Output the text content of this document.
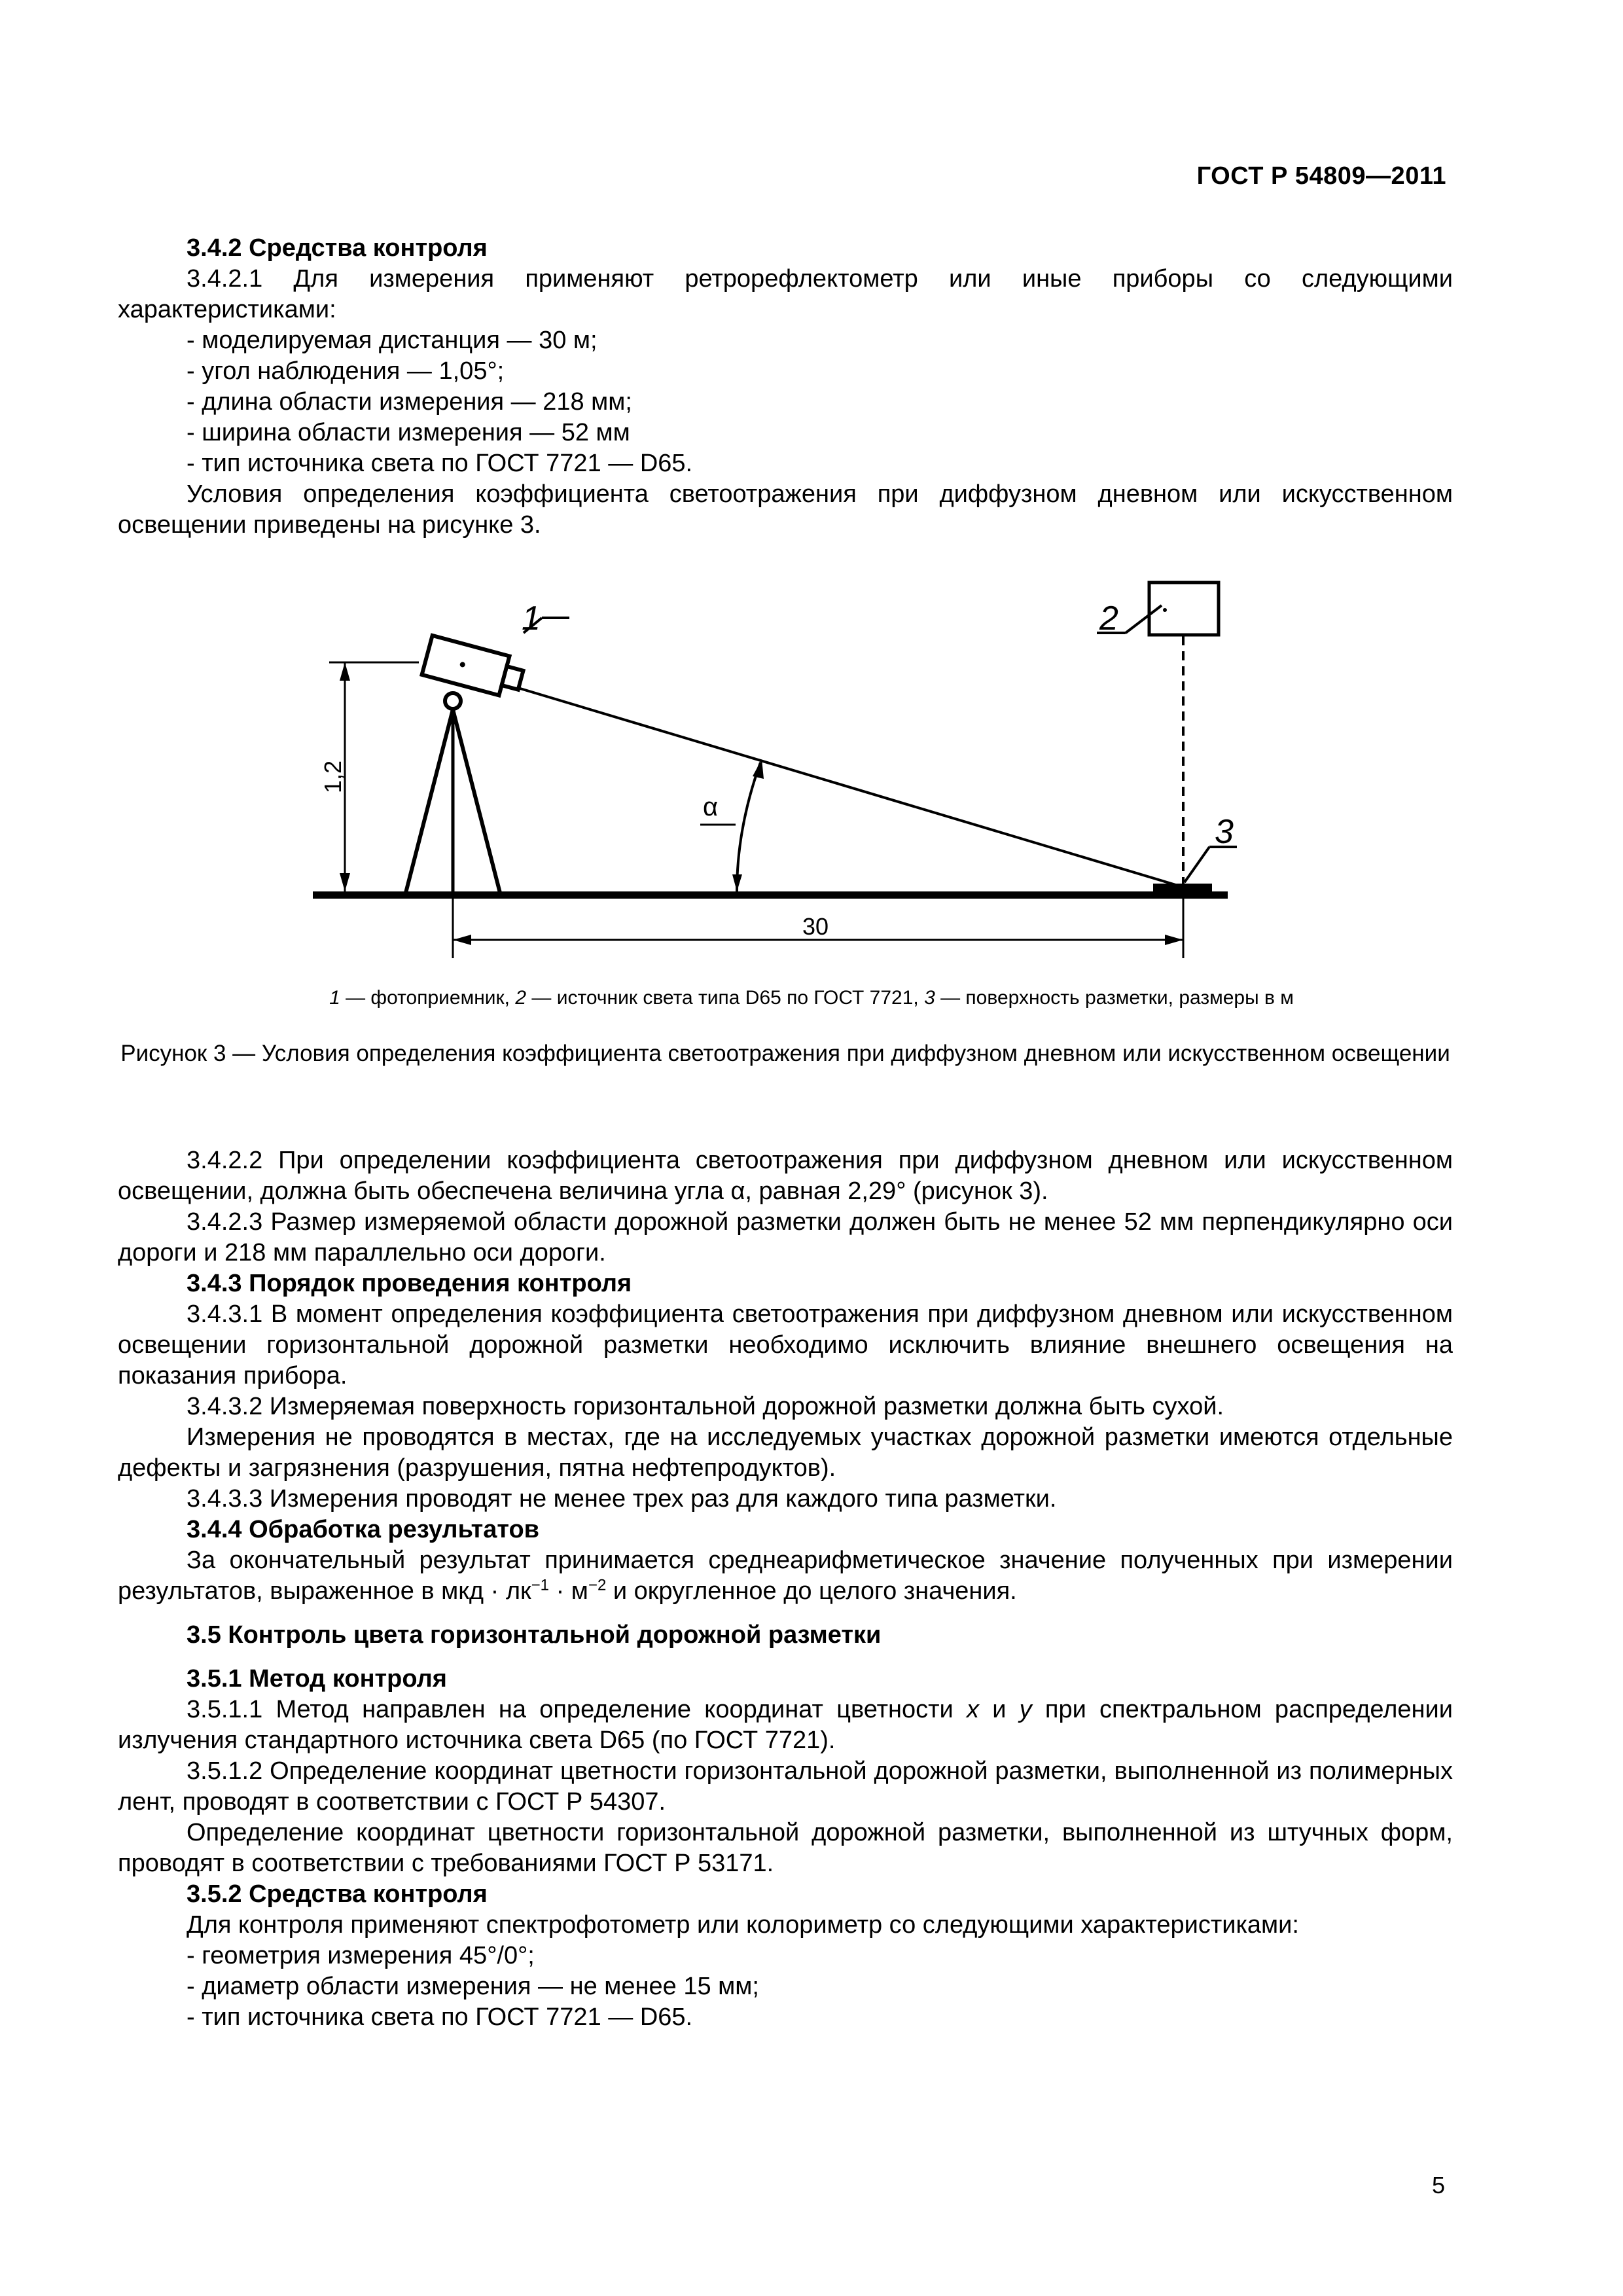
ГОСТ Р 54809—2011

3.4.2 Средства контроля

3.4.2.1 Для измерения применяют ретрорефлектометр или иные приборы со следующими характеристиками:

- моделируемая дистанция — 30 м;

- угол наблюдения — 1,05°;

- длина области измерения — 218 мм;

- ширина области измерения — 52 мм

- тип источника света по ГОСТ 7721 — D65.

Условия определения коэффициента светоотражения при диффузном дневном или искусственном освещении приведены на рисунке 3.

1	2
3
1,2
30
α
1 — фотоприемник, 2 — источник света типа D65 по ГОСТ 7721, 3 — поверхность разметки, размеры в м
Рисунок 3 — Условия определения коэффициента светоотражения при диффузном дневном или искусственном освещении

3.4.2.2 При определении коэффициента светоотражения при диффузном дневном или искусственном освещении, должна быть обеспечена величина угла α, равная 2,29° (рисунок 3).

3.4.2.3 Размер измеряемой области дорожной разметки должен быть не менее 52 мм перпендикулярно оси дороги и 218 мм параллельно оси дороги.

3.4.3 Порядок проведения контроля

3.4.3.1 В момент определения коэффициента светоотражения при диффузном дневном или искусственном освещении горизонтальной дорожной разметки необходимо исключить влияние внешнего освещения на показания прибора.

3.4.3.2 Измеряемая поверхность горизонтальной дорожной разметки должна быть сухой.

Измерения не проводятся в местах, где на исследуемых участках дорожной разметки имеются отдельные дефекты и загрязнения (разрушения, пятна нефтепродуктов).

3.4.3.3 Измерения проводят не менее трех раз для каждого типа разметки.

3.4.4 Обработка результатов

За окончательный результат принимается среднеарифметическое значение полученных при измерении результатов, выраженное в мкд · $лк^{-1} \cdot м^{-2}$ и округленное до целого значения.

3.5 Контроль цвета горизонтальной дорожной разметки

3.5.1 Метод контроля

3.5.1.1 Метод направлен на определение координат цветности x и y при спектральном распределении излучения стандартного источника света D65 (по ГОСТ 7721).

3.5.1.2 Определение координат цветности горизонтальной дорожной разметки, выполненной из полимерных лент, проводят в соответствии с ГОСТ Р 54307.

Определение координат цветности горизонтальной дорожной разметки, выполненной из штучных форм, проводят в соответствии с требованиями ГОСТ Р 53171.

3.5.2 Средства контроля

Для контроля применяют спектрофотометр или колориметр со следующими характеристиками:

- геометрия измерения 45°/0°;

- диаметр области измерения — не менее 15 мм;

- тип источника света по ГОСТ 7721 — D65.

5
